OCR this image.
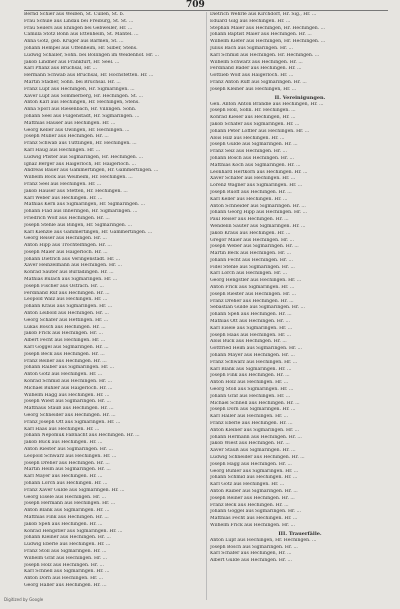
709
Bernd Schier aus Weißen, St. Cullen, St. b.
Frau Schüle aus Lindau bei Freiburg, St. St. ...
Frau Seilers aus Ehingen bei Gebweiler, Hr. ...
Camilla Stotz Bonn aus Ettenheim, St. Mantel. ...
Anna Götz, geb. Kruger aus Barmen, St. ...
Johann Hempel aus Uffenheim, Hr. Silber, Stens.
Ludwig Schaller, Sohn. bei Bollingen im Weidenhof. Hr. ...
Jakob Lindner aus Frankfurt, Hr. Seel. ...
Karl Pflanz aus Bruchsal, Hr. ...
Hermann Schwab aus Bruchsal, Hr. Hochstetten. Hr. ...
Martin Stadler, Sohn. bei Bruchsal. Hr. ...
Franz Lüpf aus Hechingen, Hr. Sigmaringen. ...
Xaver Lüpf aus Sommerberg, Hr. Hechingen. St. ...
Anton Karl aus Hechingen, Hr. Hechingen, Stens.
Anna Spörl aus Riesenbach, Hr. Villingen. Sohn.
Johann Seel aus Fulgenstadt, Hr. Sigmaringen. ...
Matthias Hauser aus Hechingen. Hr. ...
Georg Keller aus Owingen, Hr. Hechingen. ...
Joseph Müller aus Hechingen. Hr. ...
Franz Schwab aus Tuttlingen, Hr. Hechingen. ...
Karl Haug aus Hechingen. Hr. ...
Ludwig Pfister aus Sigmaringen, Hr. Hechingen. ...
Ignaz Berger aus Haigerloch, Hr. Haigerloch. ...
Andreas Bauer aus Gammertingen, Hr. Gammertingen. ...
Wilhelm Bock aus Weilheim, Hr. Hechingen. ...
Franz Seel aus Hechingen. Hr. ...
Jakob Hauser aus Stetten, Hr. Hechingen. ...
Karl Weber aus Hechingen. Hr. ...
Mathias Kern aus Sigmaringen, Hr. Sigmaringen. ...
Johann Flad aus Inneringen, Hr. Sigmaringen. ...
Friedrich Wolf aus Hechingen. Hr. ...
Joseph Stehle aus Bingen, Hr. Sigmaringen. ...
Karl Kienzle aus Gammertingen, Hr. Gammertingen. ...
Georg Reiser aus Hechingen. Hr. ...
Anton Hipp aus Trochtelfingen. Hr. ...
Joseph Maier aus Haigerloch. Hr. ...
Johann Dietrich aus Veringenstadt. Hr. ...
Xaver Heinzelmann aus Hechingen. Hr. ...
Konrad Sauter aus Burladingen. Hr. ...
Mathias Bulach aus Sigmaringen. Hr. ...
Joseph Fischer aus Ostrach. Hr. ...
Ferdinand Ruf aus Hechingen. Hr. ...
Leopold Walz aus Hechingen. Hr. ...
Johann Kraus aus Sigmaringen. Hr. ...
Anton Leibold aus Hechingen. Hr. ...
Georg Schäfer aus Hettingen. Hr. ...
Lukas Bosch aus Hechingen. Hr. ...
Jakob Frick aus Hechingen. Hr. ...
Albert Fecht aus Hechingen. Hr. ...
Karl Göggel aus Sigmaringen. Hr. ...
Joseph Beck aus Hechingen. Hr. ...
Franz Reiner aus Hechingen. Hr. ...
Johann Raiber aus Sigmaringen. Hr. ...
Anton Götz aus Hechingen. Hr. ...
Konrad Schmid aus Hechingen. Hr. ...
Michael Bühler aus Haigerloch. Hr. ...
Wilhelm Hagg aus Hechingen. Hr. ...
Joseph Wiest aus Sigmaringen. Hr. ...
Matthäus Stauß aus Hechingen. Hr. ...
Georg Schneider aus Hechingen. Hr. ...
Franz Joseph Ott aus Sigmaringen. Hr. ...
Karl Haas aus Hechingen. Hr. ...
Johann Nepomuk Faßnacht aus Hechingen. Hr. ...
Jakob Buck aus Hechingen. Hr. ...
Anton Riester aus Sigmaringen. Hr. ...
Leopold Schwarz aus Hechingen. Hr. ...
Joseph Dreher aus Hechingen. Hr. ...
Martin Heim aus Sigmaringen. Hr. ...
Karl Mayer aus Hechingen. Hr. ...
Johann Lorch aus Hechingen. Hr. ...
Franz Xaver Gulde aus Sigmaringen. Hr. ...
Georg Eisele aus Hechingen. Hr. ...
Joseph Hermann aus Hechingen. Hr. ...
Anton Blank aus Sigmaringen. Hr. ...
Matthias Fink aus Hechingen. Hr. ...
Jakob Speh aus Hechingen. Hr. ...
Konrad Hengstler aus Sigmaringen. Hr. ...
Johann Kleiner aus Hechingen. Hr. ...
Ludwig Eberle aus Hechingen. Hr. ...
Franz Stoll aus Sigmaringen. Hr. ...
Wilhelm Graf aus Hechingen. Hr. ...
Joseph Hölz aus Hechingen. Hr. ...
Karl Schnell aus Sigmaringen. Hr. ...
Anton Dorn aus Hechingen. Hr. ...
Georg Haller aus Hechingen. Hr. ...
Dietrich Wehrle aus Kirchdorf, Hr. Sig., Hr. ...
Eduard Gilg aus Hechingen. Hr. ...
Stephan Maier aus Hechingen, Hr. Hechingen. ...
Johann Baptist Maier aus Hechingen. Hr. ...
Wilhelm Kiefer aus Hechingen, Hr. Hechingen. ...
Julius Bach aus Sigmaringen. Hr. ...
Karl Schmid aus Hechingen. Hr. Hechingen. ...
Wilhelm Schwarz aus Hechingen. Hr. ...
Ferdinand Bader aus Hechingen. Hr. ...
Gottlieb Wolf aus Haigerloch. Hr. ...
Franz Anton Ruff aus Sigmaringen. Hr. ...
Joseph Kleiner aus Hechingen, Hr. ...
II. Vereinigungen.
Gen. Anton Anton Brändle aus Hechingen, Hr. ...
Joseph Holl, Sohn. Hr. Hechingen. ...
Konrad Kieser aus Hechingen, Hr. ...
Jakob Schäfer aus Sigmaringen. Hr. ...
Johann Peter Löffler aus Hechingen. Hr. ...
Alois Hilz aus Hechingen. Hr. ...
Joseph Gulde aus Sigmaringen. Hr. ...
Franz Seiz aus Hechingen. Hr. ...
Johann Bosch aus Hechingen. Hr. ...
Matthias Koch aus Sigmaringen. Hr. ...
Leonhard Hertkorn aus Hechingen. Hr. ...
Xaver Schäfer aus Hechingen. Hr. ...
Lorenz Wagner aus Sigmaringen. Hr. ...
Joseph Ruoff aus Hechingen. Hr. ...
Karl Keller aus Hechingen. Hr. ...
Anton Schneider aus Sigmaringen. Hr. ...
Johann Georg Hipp aus Hechingen. Hr. ...
Paul Reiser aus Hechingen. Hr. ...
Wendelin Sauter aus Sigmaringen. Hr. ...
Jakob Kraus aus Hechingen. Hr. ...
Gregor Maier aus Hechingen. Hr. ...
Joseph Weber aus Sigmaringen. Hr. ...
Martin Beck aus Hechingen. Hr. ...
Johann Fecht aus Hechingen. Hr. ...
Fidel Stehle aus Sigmaringen. Hr. ...
Karl Lorch aus Hechingen. Hr. ...
Georg Hengstler aus Hechingen. Hr. ...
Anton Frick aus Sigmaringen. Hr. ...
Joseph Riester aus Hechingen. Hr. ...
Franz Dreher aus Hechingen. Hr. ...
Sebastian Gulde aus Sigmaringen. Hr. ...
Johann Speh aus Hechingen. Hr. ...
Mathias Ott aus Hechingen. Hr. ...
Karl Eisele aus Sigmaringen. Hr. ...
Joseph Haas aus Hechingen. Hr. ...
Alois Buck aus Hechingen. Hr. ...
Gottfried Heim aus Sigmaringen. Hr. ...
Johann Mayer aus Hechingen. Hr. ...
Franz Schwarz aus Hechingen. Hr. ...
Karl Blank aus Sigmaringen. Hr. ...
Joseph Fink aus Hechingen. Hr. ...
Anton Hölz aus Hechingen. Hr. ...
Georg Stoll aus Sigmaringen. Hr. ...
Johann Graf aus Hechingen. Hr. ...
Michael Schnell aus Hechingen. Hr. ...
Joseph Dorn aus Sigmaringen. Hr. ...
Karl Haller aus Hechingen. Hr. ...
Franz Eberle aus Hechingen. Hr. ...
Anton Kleiner aus Sigmaringen. Hr. ...
Johann Hermann aus Hechingen. Hr. ...
Jakob Wiest aus Hechingen. Hr. ...
Xaver Stauß aus Sigmaringen. Hr. ...
Ludwig Schneider aus Hechingen. Hr. ...
Joseph Hagg aus Hechingen. Hr. ...
Georg Bühler aus Sigmaringen. Hr. ...
Johann Schmid aus Hechingen. Hr. ...
Karl Götz aus Hechingen. Hr. ...
Anton Raiber aus Sigmaringen. Hr. ...
Joseph Reiner aus Hechingen. Hr. ...
Franz Beck aus Hechingen. Hr. ...
Johann Göggel aus Sigmaringen. Hr. ...
Matthias Fecht aus Hechingen. Hr. ...
Wilhelm Frick aus Hechingen. Hr. ...
III. Trauerfälle.
Anton Lüpf aus Hechingen, Hr. Hechingen. ...
Joseph Bosch aus Sigmaringen. Hr. ...
Karl Schäfer aus Hechingen, Hr. ...
Albert Gulde aus Hechingen. Hr. ...
Digitized by Google
